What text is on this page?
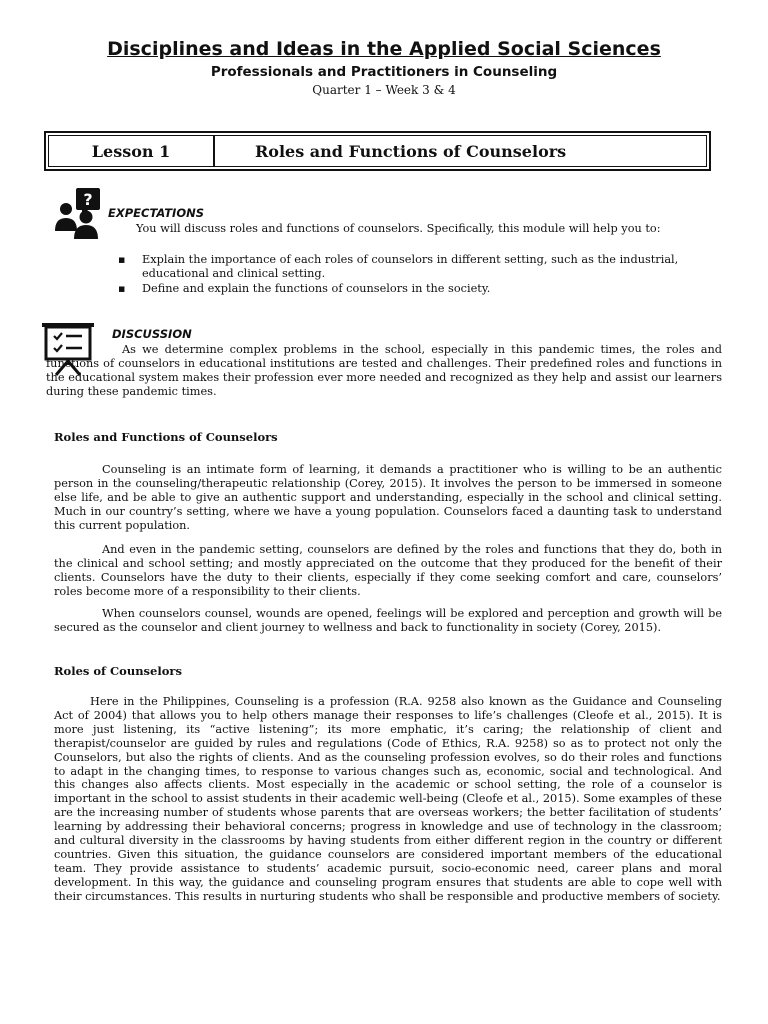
Disciplines and Ideas in the Applied Social Sciences
Professionals and Practitioners in Counseling
Quarter 1 – Week 3 & 4
Lesson 1	Roles and Functions of Counselors
?
EXPECTATIONS
You will discuss roles and functions of counselors. Specifically, this module will help you to:
▪ Explain the importance of each roles of counselors in different setting, such as the industrial, educational and clinical setting.
▪ Define and explain the functions of counselors in the society.
DISCUSSION
As we determine complex problems in the school, especially in this pandemic times, the roles and functions of counselors in educational institutions are tested and challenges. Their predefined roles and functions in the educational system makes their profession ever more needed and recognized as they help and assist our learners during these pandemic times.
Roles and Functions of Counselors
Counseling is an intimate form of learning, it demands a practitioner who is willing to be an authentic person in the counseling/therapeutic relationship (Corey, 2015). It involves the person to be immersed in someone else life, and be able to give an authentic support and understanding, especially in the school and clinical setting. Much in our country’s setting, where we have a young population. Counselors faced a daunting task to understand this current population.
And even in the pandemic setting, counselors are defined by the roles and functions that they do, both in the clinical and school setting; and mostly appreciated on the outcome that they produced for the benefit of their clients. Counselors have the duty to their clients, especially if they come seeking comfort and care, counselors’ roles become more of a responsibility to their clients.
When counselors counsel, wounds are opened, feelings will be explored and perception and growth will be secured as the counselor and client journey to wellness and back to functionality in society (Corey, 2015).
Roles of Counselors
Here in the Philippines, Counseling is a profession (R.A. 9258 also known as the Guidance and Counseling Act of 2004) that allows you to help others manage their responses to life’s challenges (Cleofe et al., 2015). It is more just listening, its “active listening”; its more emphatic, it’s caring; the relationship of client and therapist/counselor are guided by rules and regulations (Code of Ethics, R.A. 9258) so as to protect not only the Counselors, but also the rights of clients. And as the counseling profession evolves, so do their roles and functions to adapt in the changing times, to response to various changes such as, economic, social and technological. And this changes also affects clients. Most especially in the academic or school setting, the role of a counselor is important in the school to assist students in their academic well-being (Cleofe et al., 2015). Some examples of these are the increasing number of students whose parents that are overseas workers; the better facilitation of students’ learning by addressing their behavioral concerns; progress in knowledge and use of technology in the classroom; and cultural diversity in the classrooms by having students from either different region in the country or different countries. Given this situation, the guidance counselors are considered important members of the educational team. They provide assistance to students’ academic pursuit, socio-economic need, career plans and moral development. In this way, the guidance and counseling program ensures that students are able to cope well with their circumstances. This results in nurturing students who shall be responsible and productive members of society.
